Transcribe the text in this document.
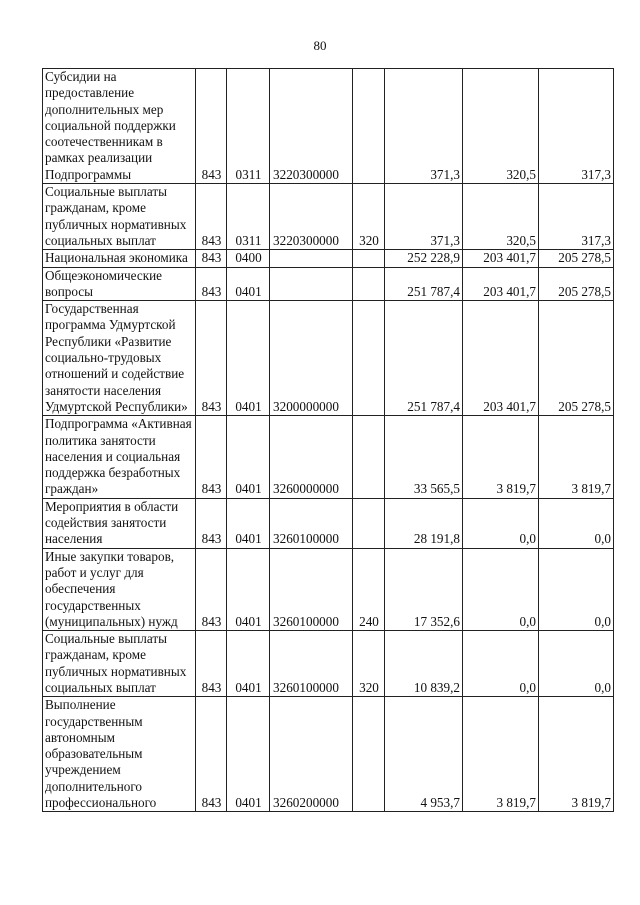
80
Субсидии на предоставление дополнительных мер социальной поддержки соотечественникам в рамках реализации Подпрограммы	843	0311	3220300000		371,3	320,5	317,3
Социальные выплаты гражданам, кроме публичных нормативных социальных выплат	843	0311	3220300000	320	371,3	320,5	317,3
Национальная экономика	843	0400			252 228,9	203 401,7	205 278,5
Общеэкономические вопросы	843	0401			251 787,4	203 401,7	205 278,5
Государственная программа Удмуртской Республики «Развитие социально-трудовых отношений и содействие занятости населения Удмуртской Республики»	843	0401	3200000000		251 787,4	203 401,7	205 278,5
Подпрограмма «Активная политика занятости населения и социальная поддержка безработных граждан»	843	0401	3260000000		33 565,5	3 819,7	3 819,7
Мероприятия в области содействия занятости населения	843	0401	3260100000		28 191,8	0,0	0,0
Иные закупки товаров, работ и услуг для обеспечения государственных (муниципальных) нужд	843	0401	3260100000	240	17 352,6	0,0	0,0
Социальные выплаты гражданам, кроме публичных нормативных социальных выплат	843	0401	3260100000	320	10 839,2	0,0	0,0
Выполнение государственным автономным образовательным учреждением дополнительного профессионального	843	0401	3260200000		4 953,7	3 819,7	3 819,7
